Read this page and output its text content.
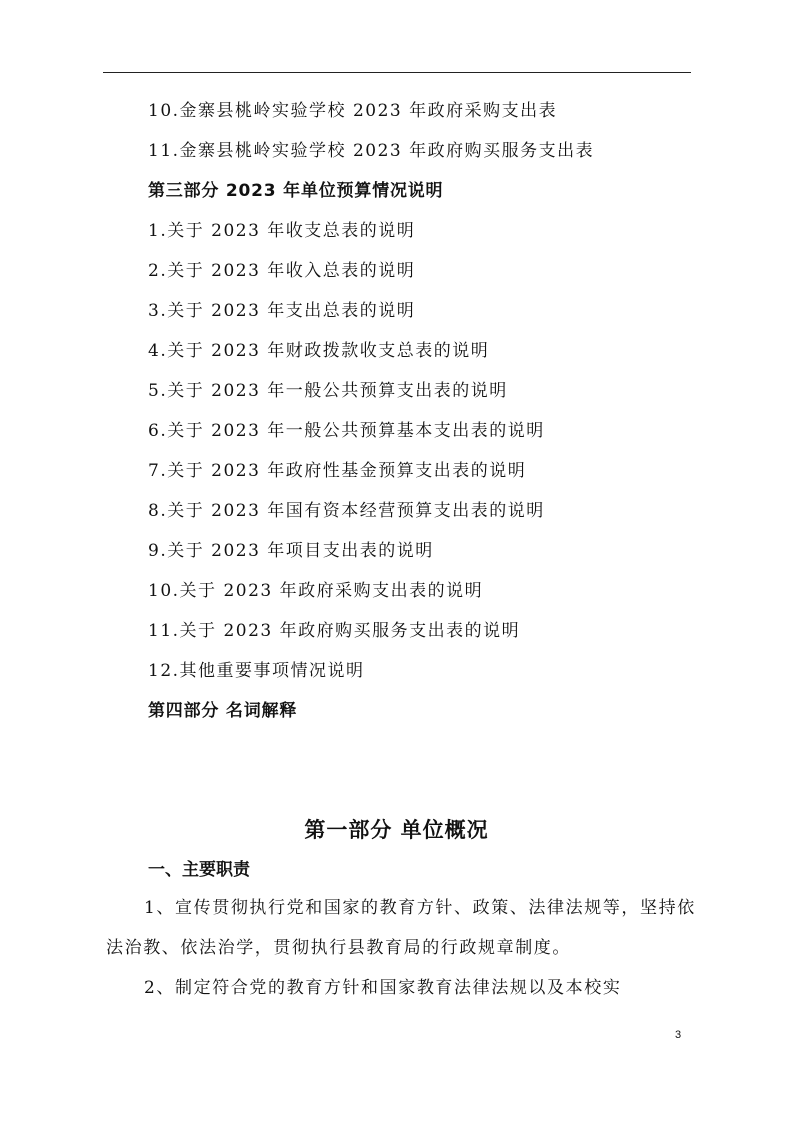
10.金寨县桃岭实验学校 2023 年政府采购支出表
11.金寨县桃岭实验学校 2023 年政府购买服务支出表
第三部分 2023 年单位预算情况说明
1.关于 2023 年收支总表的说明
2.关于 2023 年收入总表的说明
3.关于 2023 年支出总表的说明
4.关于 2023 年财政拨款收支总表的说明
5.关于 2023 年一般公共预算支出表的说明
6.关于 2023 年一般公共预算基本支出表的说明
7.关于 2023 年政府性基金预算支出表的说明
8.关于 2023 年国有资本经营预算支出表的说明
9.关于 2023 年项目支出表的说明
10.关于 2023 年政府采购支出表的说明
11.关于 2023 年政府购买服务支出表的说明
12.其他重要事项情况说明
第四部分 名词解释
第一部分 单位概况
一、主要职责
1、宣传贯彻执行党和国家的教育方针、政策、法律法规等，坚持依法治教、依法治学，贯彻执行县教育局的行政规章制度。
2、制定符合党的教育方针和国家教育法律法规以及本校实
3
